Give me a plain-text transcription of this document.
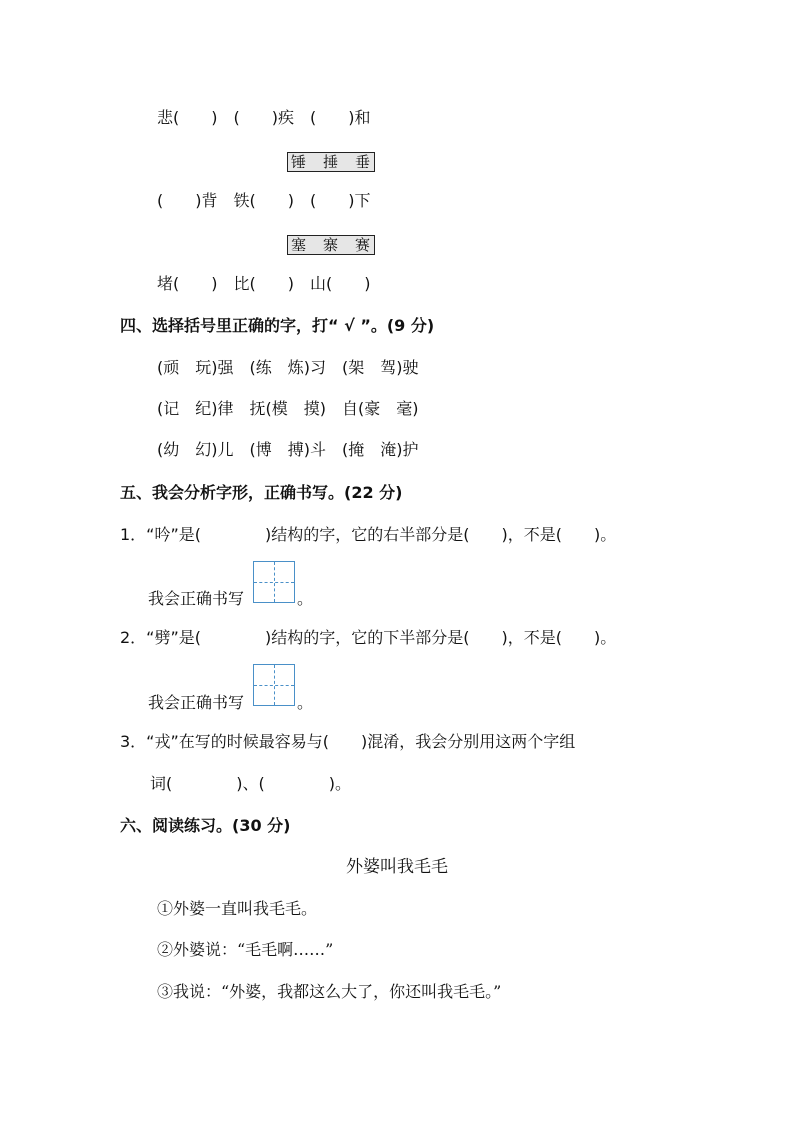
悲(　　)　(　　)疾　(　　)和
锤　捶　垂
(　　)背　铁(　　)　(　　)下
塞　寨　赛
堵(　　)　比(　　)　山(　　)
四、选择括号里正确的字，打“ √ ”。(9 分)
(顽　玩)强　(练　炼)习　(架　驾)驶
(记　纪)律　抚(模　摸)　自(豪　毫)
(幼　幻)儿　(博　搏)斗　(掩　淹)护
五、我会分析字形，正确书写。(22 分)
1．“吟”是(　　　　)结构的字，它的右半部分是(　　)，不是(　　)。
我会正确书写	。
2．“劈”是(　　　　)结构的字，它的下半部分是(　　)，不是(　　)。
我会正确书写	。
3．“戎”在写的时候最容易与(　　)混淆，我会分别用这两个字组
词(　　　　)、(　　　　)。
六、阅读练习。(30 分)
外婆叫我毛毛
①外婆一直叫我毛毛。
②外婆说：“毛毛啊……”
③我说：“外婆，我都这么大了，你还叫我毛毛。”
